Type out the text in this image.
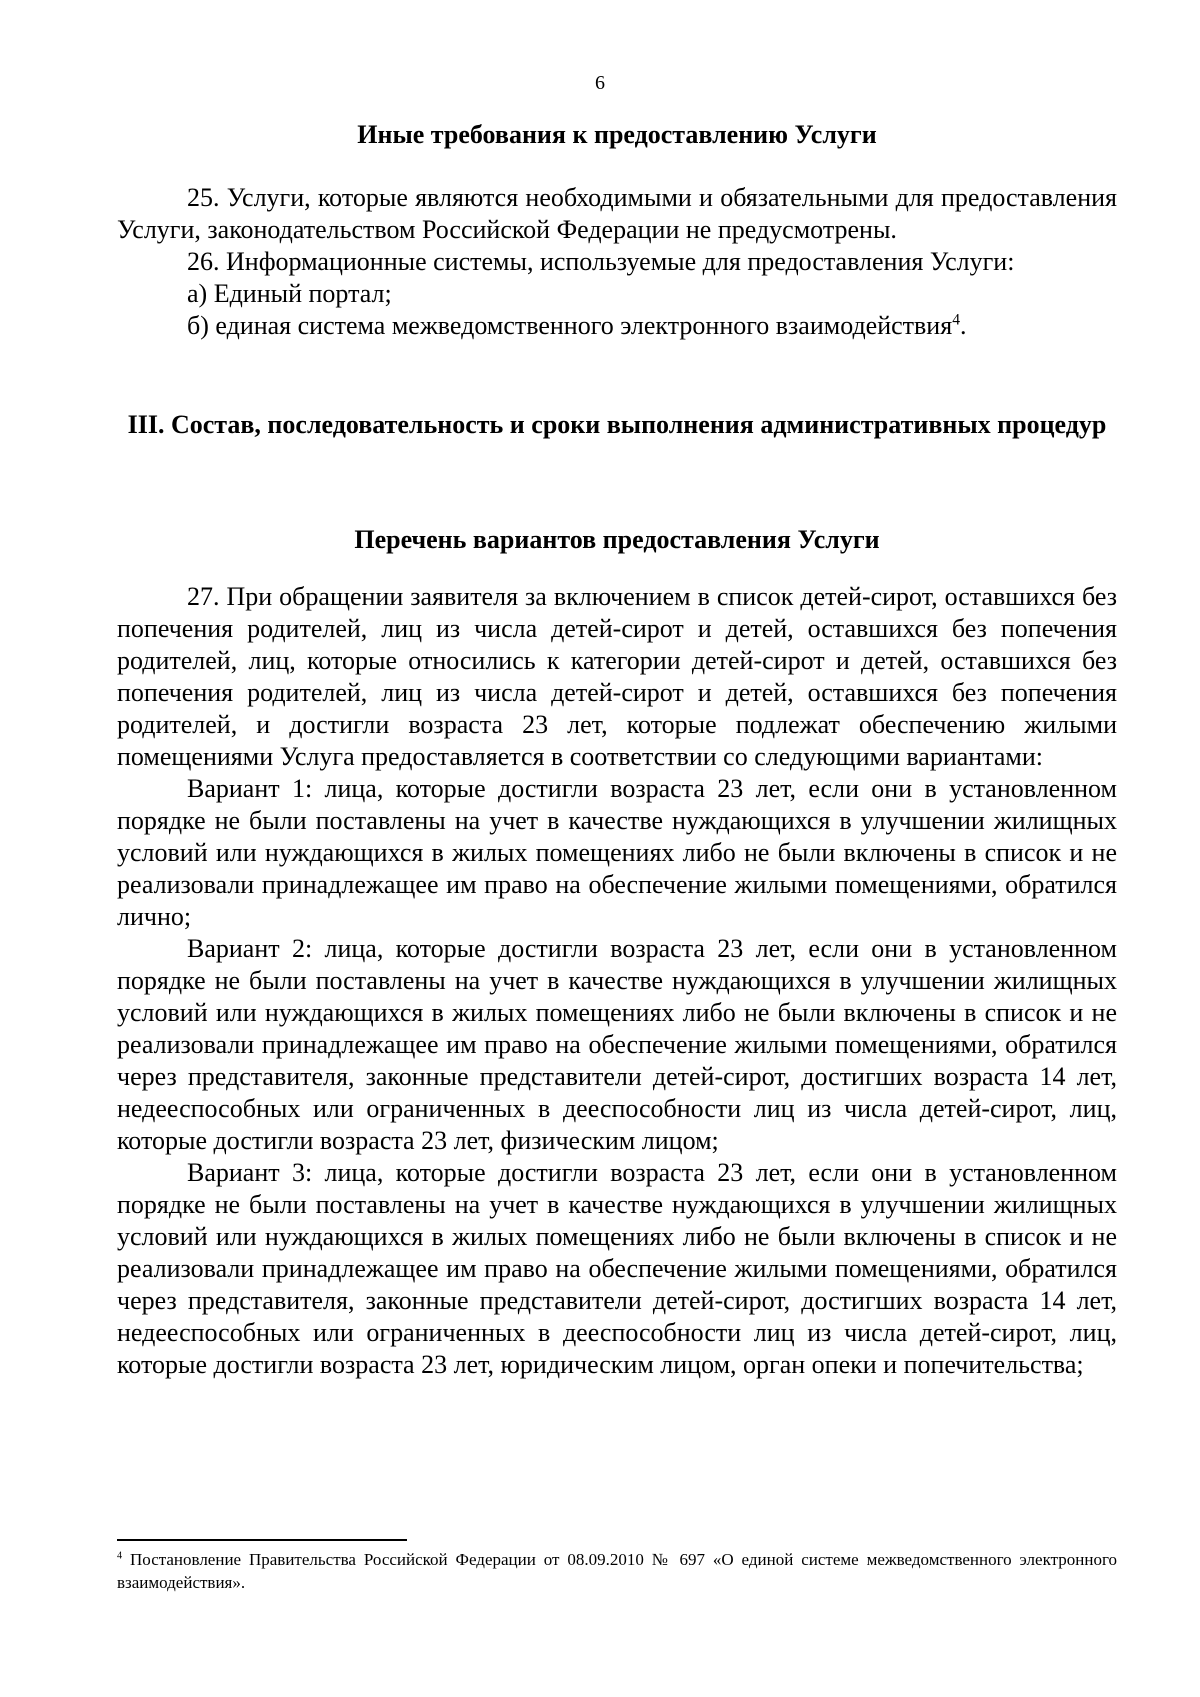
6
Иные требования к предоставлению Услуги

25. Услуги, которые являются необходимыми и обязательными для предоставления Услуги, законодательством Российской Федерации не предусмотрены.

26. Информационные системы, используемые для предоставления Услуги:

а) Единый портал;

б) единая система межведомственного электронного взаимодействия$^4$.

III. Состав, последовательность и сроки выполнения административных процедур
Перечень вариантов предоставления Услуги

27. При обращении заявителя за включением в список детей-сирот, оставшихся без попечения родителей, лиц из числа детей-сирот и детей, оставшихся без попечения родителей, лиц, которые относились к категории детей-сирот и детей, оставшихся без попечения родителей, лиц из числа детей-сирот и детей, оставшихся без попечения родителей, и достигли возраста 23 лет, которые подлежат обеспечению жилыми помещениями Услуга предоставляется в соответствии со следующими вариантами:

Вариант 1: лица, которые достигли возраста 23 лет, если они в установленном порядке не были поставлены на учет в качестве нуждающихся в улучшении жилищных условий или нуждающихся в жилых помещениях либо не были включены в список и не реализовали принадлежащее им право на обеспечение жилыми помещениями, обратился лично;

Вариант 2: лица, которые достигли возраста 23 лет, если они в установленном порядке не были поставлены на учет в качестве нуждающихся в улучшении жилищных условий или нуждающихся в жилых помещениях либо не были включены в список и не реализовали принадлежащее им право на обеспечение жилыми помещениями, обратился через представителя, законные представители детей-сирот, достигших возраста 14 лет, недееспособных или ограниченных в дееспособности лиц из числа детей-сирот, лиц, которые достигли возраста 23 лет, физическим лицом;

Вариант 3: лица, которые достигли возраста 23 лет, если они в установленном порядке не были поставлены на учет в качестве нуждающихся в улучшении жилищных условий или нуждающихся в жилых помещениях либо не были включены в список и не реализовали принадлежащее им право на обеспечение жилыми помещениями, обратился через представителя, законные представители детей-сирот, достигших возраста 14 лет, недееспособных или ограниченных в дееспособности лиц из числа детей-сирот, лиц, которые достигли возраста 23 лет, юридическим лицом, орган опеки и попечительства;

$^4$ Постановление Правительства Российской Федерации от 08.09.2010 № 697 «О единой системе межведомственного электронного взаимодействия».
